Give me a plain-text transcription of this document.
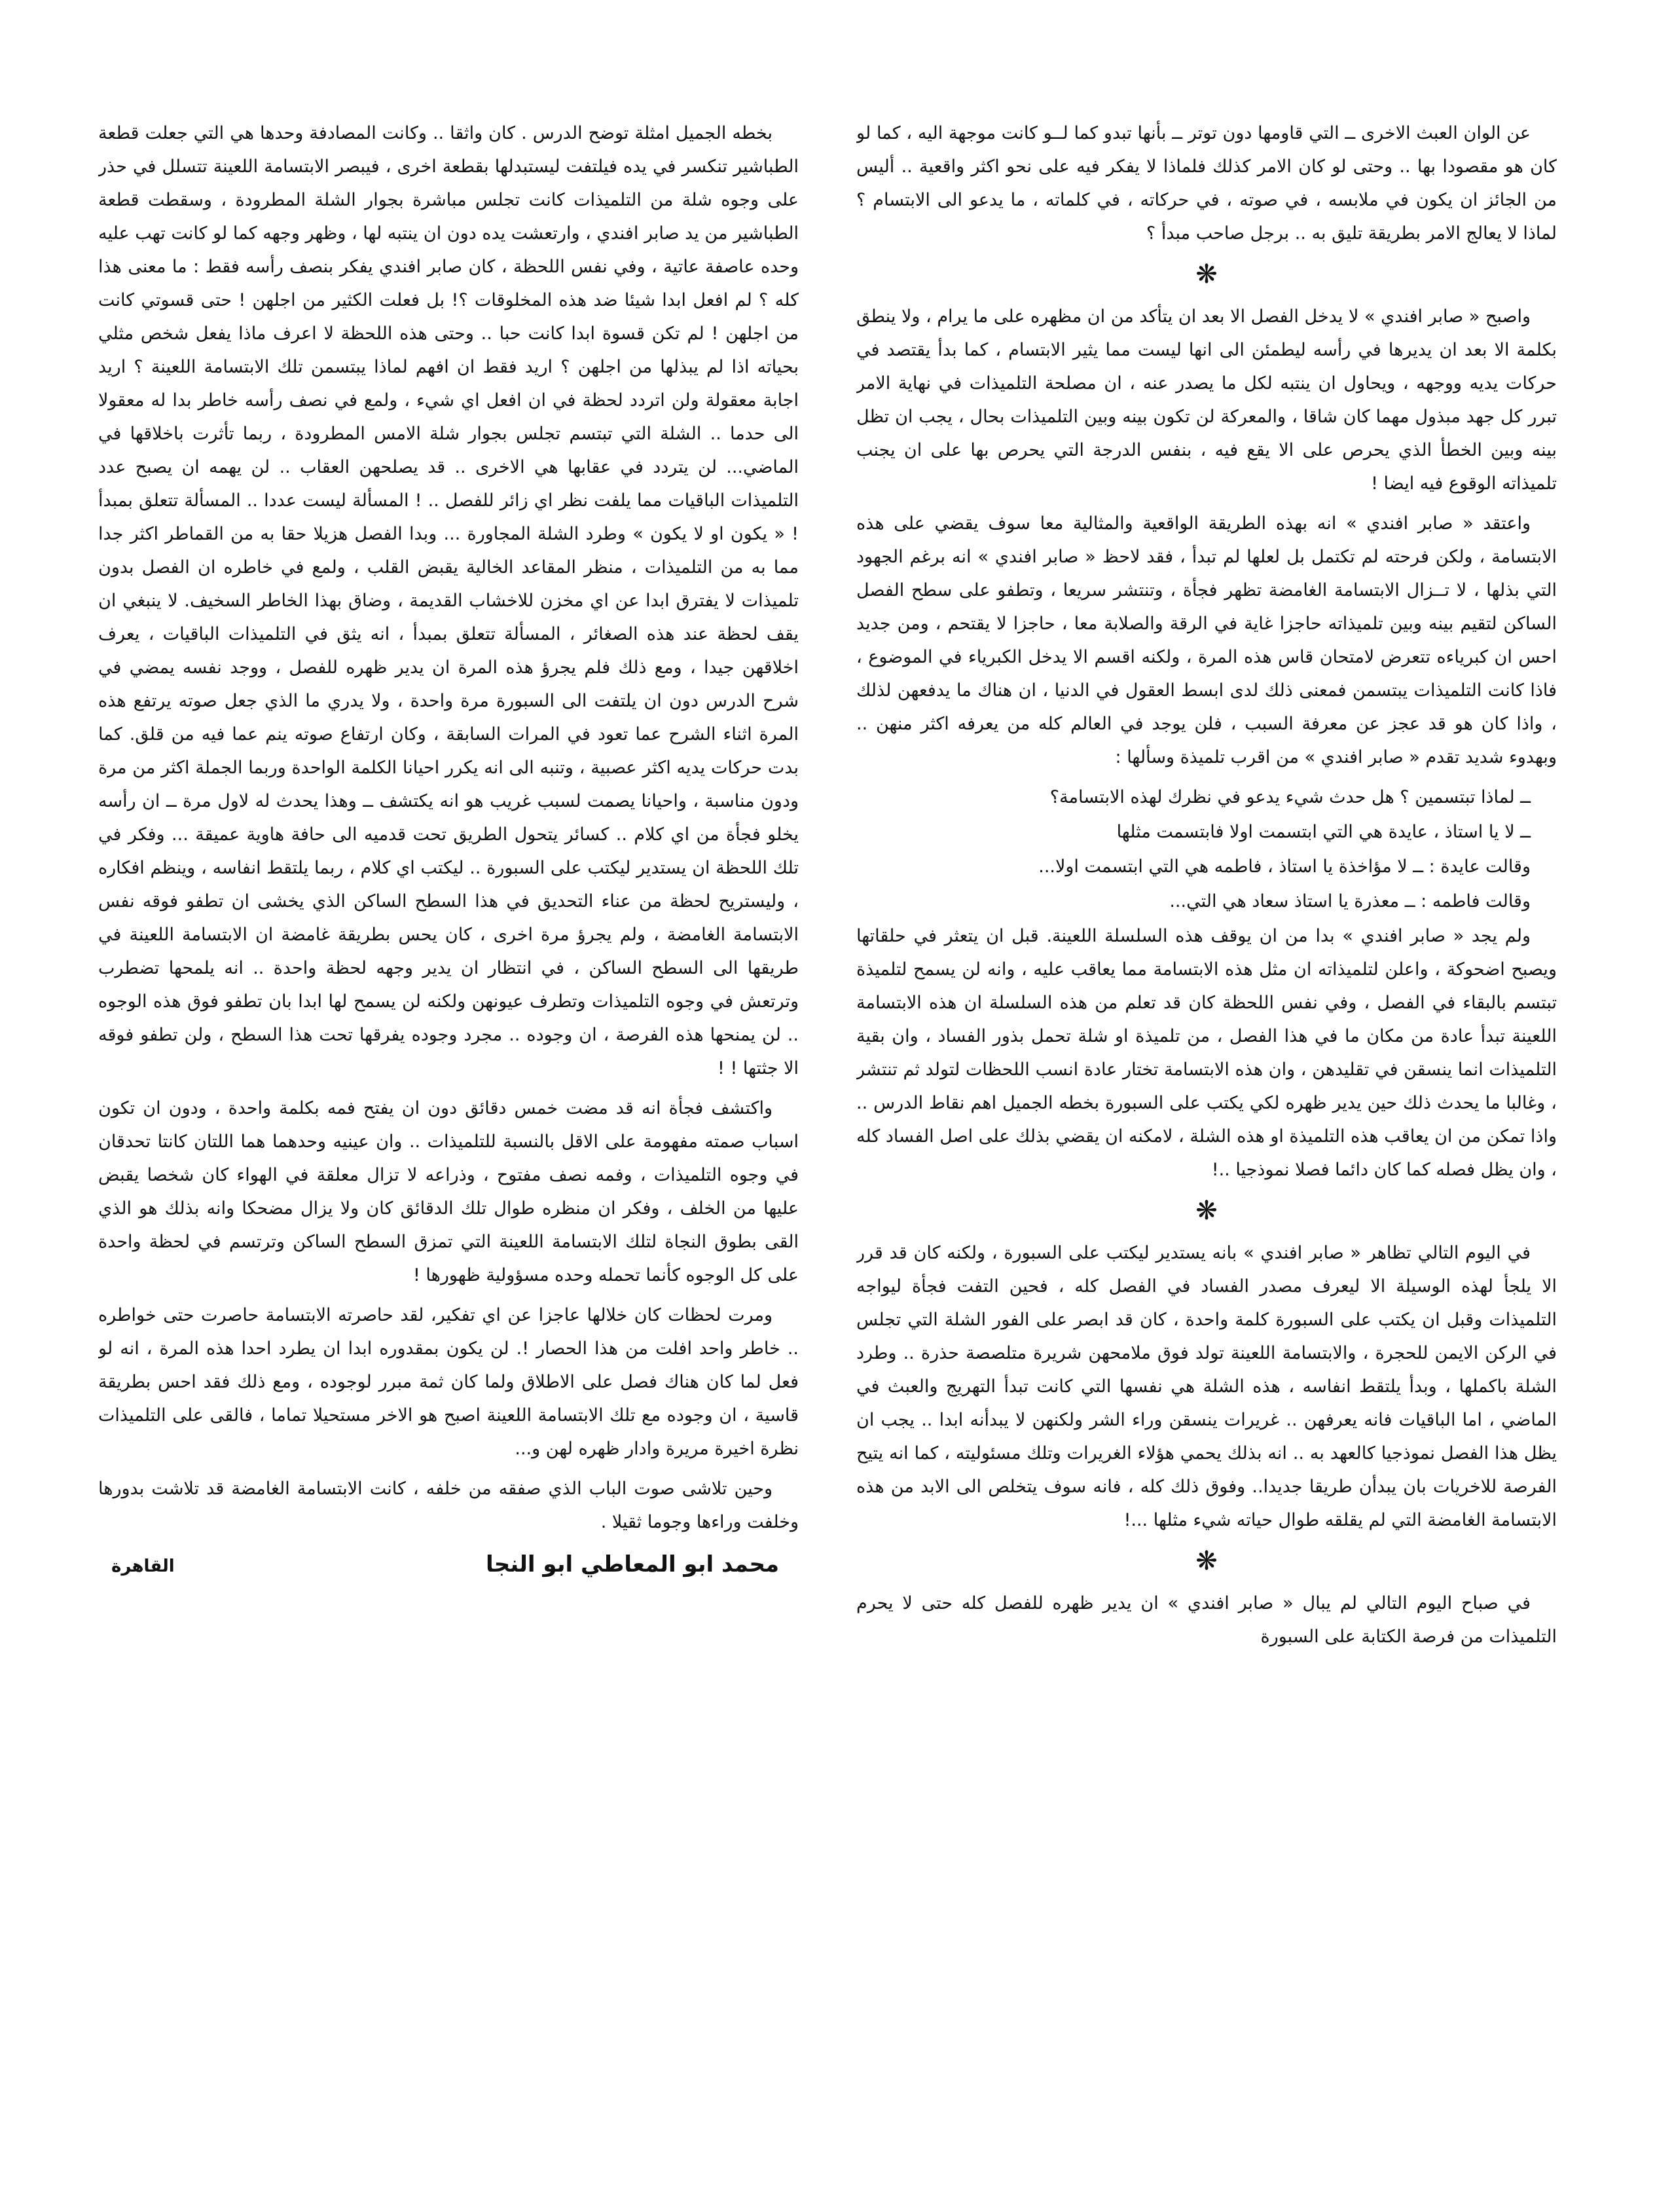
عن الوان العبث الاخرى ــ التي قاومها دون توتر ــ بأنها تبدو كما لــو كانت موجهة اليه ، كما لو كان هو مقصودا بها .. وحتى لو كان الامر كذلك فلماذا لا يفكر فيه على نحو اكثر واقعية .. أليس من الجائز ان يكون في ملابسه ، في صوته ، في حركاته ، في كلماته ، ما يدعو الى الابتسام ؟ لماذا لا يعالج الامر بطريقة تليق به .. برجل صاحب مبدأ ؟

❋

واصبح « صابر افندي » لا يدخل الفصل الا بعد ان يتأكد من ان مظهره على ما يرام ، ولا ينطق بكلمة الا بعد ان يديرها في رأسه ليطمئن الى انها ليست مما يثير الابتسام ، كما بدأ يقتصد في حركات يديه ووجهه ، ويحاول ان ينتبه لكل ما يصدر عنه ، ان مصلحة التلميذات في نهاية الامر تبرر كل جهد مبذول مهما كان شاقا ، والمعركة لن تكون بينه وبين التلميذات بحال ، يجب ان تظل بينه وبين الخطأ الذي يحرص على الا يقع فيه ، بنفس الدرجة التي يحرص بها على ان يجنب تلميذاته الوقوع فيه ايضا !

واعتقد « صابر افندي » انه بهذه الطريقة الواقعية والمثالية معا سوف يقضي على هذه الابتسامة ، ولكن فرحته لم تكتمل بل لعلها لم تبدأ ، فقد لاحظ « صابر افندي » انه برغم الجهود التي بذلها ، لا تــزال الابتسامة الغامضة تظهر فجأة ، وتنتشر سريعا ، وتطفو على سطح الفصل الساكن لتقيم بينه وبين تلميذاته حاجزا غاية في الرقة والصلابة معا ، حاجزا لا يقتحم ، ومن جديد احس ان كبرياءه تتعرض لامتحان قاس هذه المرة ، ولكنه اقسم الا يدخل الكبرياء في الموضوع ، فاذا كانت التلميذات يبتسمن فمعنى ذلك لدى ابسط العقول في الدنيا ، ان هناك ما يدفعهن لذلك ، واذا كان هو قد عجز عن معرفة السبب ، فلن يوجد في العالم كله من يعرفه اكثر منهن .. وبهدوء شديد تقدم « صابر افندي » من اقرب تلميذة وسألها :

ــ لماذا تبتسمين ؟ هل حدث شيء يدعو في نظرك لهذه الابتسامة؟

ــ لا يا استاذ ، عايدة هي التي ابتسمت اولا فابتسمت مثلها

وقالت عايدة : ــ لا مؤاخذة يا استاذ ، فاطمه هي التي ابتسمت اولا...

وقالت فاطمه : ــ معذرة يا استاذ سعاد هي التي...

ولم يجد « صابر افندي » بدا من ان يوقف هذه السلسلة اللعينة. قبل ان يتعثر في حلقاتها ويصبح اضحوكة ، واعلن لتلميذاته ان مثل هذه الابتسامة مما يعاقب عليه ، وانه لن يسمح لتلميذة تبتسم بالبقاء في الفصل ، وفي نفس اللحظة كان قد تعلم من هذه السلسلة ان هذه الابتسامة اللعينة تبدأ عادة من مكان ما في هذا الفصل ، من تلميذة او شلة تحمل بذور الفساد ، وان بقية التلميذات انما ينسقن في تقليدهن ، وان هذه الابتسامة تختار عادة انسب اللحظات لتولد ثم تنتشر ، وغالبا ما يحدث ذلك حين يدير ظهره لكي يكتب على السبورة بخطه الجميل اهم نقاط الدرس .. واذا تمكن من ان يعاقب هذه التلميذة او هذه الشلة ، لامكنه ان يقضي بذلك على اصل الفساد كله ، وان يظل فصله كما كان دائما فصلا نموذجيا ..!

❋

في اليوم التالي تظاهر « صابر افندي » بانه يستدير ليكتب على السبورة ، ولكنه كان قد قرر الا يلجأ لهذه الوسيلة الا ليعرف مصدر الفساد في الفصل كله ، فحين التفت فجأة ليواجه التلميذات وقبل ان يكتب على السبورة كلمة واحدة ، كان قد ابصر على الفور الشلة التي تجلس في الركن الايمن للحجرة ، والابتسامة اللعينة تولد فوق ملامحهن شريرة متلصصة حذرة .. وطرد الشلة باكملها ، وبدأ يلتقط انفاسه ، هذه الشلة هي نفسها التي كانت تبدأ التهريج والعبث في الماضي ، اما الباقيات فانه يعرفهن .. غريرات ينسقن وراء الشر ولكنهن لا يبدأنه ابدا .. يجب ان يظل هذا الفصل نموذجيا كالعهد به .. انه بذلك يحمي هؤلاء الغريرات وتلك مسئوليته ، كما انه يتيح الفرصة للاخريات بان يبدأن طريقا جديدا.. وفوق ذلك كله ، فانه سوف يتخلص الى الابد من هذه الابتسامة الغامضة التي لم يقلقه طوال حياته شيء مثلها ...!

❋

في صباح اليوم التالي لم يبال « صابر افندي » ان يدير ظهره للفصل كله حتى لا يحرم التلميذات من فرصة الكتابة على السبورة

بخطه الجميل امثلة توضح الدرس . كان واثقا .. وكانت المصادفة وحدها هي التي جعلت قطعة الطباشير تنكسر في يده فيلتفت ليستبدلها بقطعة اخرى ، فيبصر الابتسامة اللعينة تتسلل في حذر على وجوه شلة من التلميذات كانت تجلس مباشرة بجوار الشلة المطرودة ، وسقطت قطعة الطباشير من يد صابر افندي ، وارتعشت يده دون ان ينتبه لها ، وظهر وجهه كما لو كانت تهب عليه وحده عاصفة عاتية ، وفي نفس اللحظة ، كان صابر افندي يفكر بنصف رأسه فقط : ما معنى هذا كله ؟ لم افعل ابدا شيئا ضد هذه المخلوقات ؟! بل فعلت الكثير من اجلهن ! حتى قسوتي كانت من اجلهن ! لم تكن قسوة ابدا كانت حبا .. وحتى هذه اللحظة لا اعرف ماذا يفعل شخص مثلي بحياته اذا لم يبذلها من اجلهن ؟ اريد فقط ان افهم لماذا يبتسمن تلك الابتسامة اللعينة ؟ اريد اجابة معقولة ولن اتردد لحظة في ان افعل اي شيء ، ولمع في نصف رأسه خاطر بدا له معقولا الى حدما .. الشلة التي تبتسم تجلس بجوار شلة الامس المطرودة ، ربما تأثرت باخلاقها في الماضي... لن يتردد في عقابها هي الاخرى .. قد يصلحهن العقاب .. لن يهمه ان يصبح عدد التلميذات الباقيات مما يلفت نظر اي زائر للفصل .. ! المسألة ليست عددا .. المسألة تتعلق بمبدأ ! « يكون او لا يكون » وطرد الشلة المجاورة ... وبدا الفصل هزيلا حقا به من القماطر اكثر جدا مما به من التلميذات ، منظر المقاعد الخالية يقبض القلب ، ولمع في خاطره ان الفصل بدون تلميذات لا يفترق ابدا عن اي مخزن للاخشاب القديمة ، وضاق بهذا الخاطر السخيف. لا ينبغي ان يقف لحظة عند هذه الصغائر ، المسألة تتعلق بمبدأ ، انه يثق في التلميذات الباقيات ، يعرف اخلاقهن جيدا ، ومع ذلك فلم يجرؤ هذه المرة ان يدير ظهره للفصل ، ووجد نفسه يمضي في شرح الدرس دون ان يلتفت الى السبورة مرة واحدة ، ولا يدري ما الذي جعل صوته يرتفع هذه المرة اثناء الشرح عما تعود في المرات السابقة ، وكان ارتفاع صوته ينم عما فيه من قلق. كما بدت حركات يديه اكثر عصبية ، وتنبه الى انه يكرر احيانا الكلمة الواحدة وربما الجملة اكثر من مرة ودون مناسبة ، واحيانا يصمت لسبب غريب هو انه يكتشف ــ وهذا يحدث له لاول مرة ــ ان رأسه يخلو فجأة من اي كلام .. كسائر يتحول الطريق تحت قدميه الى حافة هاوية عميقة ... وفكر في تلك اللحظة ان يستدير ليكتب على السبورة .. ليكتب اي كلام ، ربما يلتقط انفاسه ، وينظم افكاره ، وليستريح لحظة من عناء التحديق في هذا السطح الساكن الذي يخشى ان تطفو فوقه نفس الابتسامة الغامضة ، ولم يجرؤ مرة اخرى ، كان يحس بطريقة غامضة ان الابتسامة اللعينة في طريقها الى السطح الساكن ، في انتظار ان يدير وجهه لحظة واحدة .. انه يلمحها تضطرب وترتعش في وجوه التلميذات وتطرف عيونهن ولكنه لن يسمح لها ابدا بان تطفو فوق هذه الوجوه .. لن يمنحها هذه الفرصة ، ان وجوده .. مجرد وجوده يفرقها تحت هذا السطح ، ولن تطفو فوقه الا جثتها ! !

واكتشف فجأة انه قد مضت خمس دقائق دون ان يفتح فمه بكلمة واحدة ، ودون ان تكون اسباب صمته مفهومة على الاقل بالنسبة للتلميذات .. وان عينيه وحدهما هما اللتان كانتا تحدقان في وجوه التلميذات ، وفمه نصف مفتوح ، وذراعه لا تزال معلقة في الهواء كان شخصا يقبض عليها من الخلف ، وفكر ان منظره طوال تلك الدقائق كان ولا يزال مضحكا وانه بذلك هو الذي القى بطوق النجاة لتلك الابتسامة اللعينة التي تمزق السطح الساكن وترتسم في لحظة واحدة على كل الوجوه كأنما تحمله وحده مسؤولية ظهورها !

ومرت لحظات كان خلالها عاجزا عن اي تفكير، لقد حاصرته الابتسامة حاصرت حتى خواطره .. خاطر واحد افلت من هذا الحصار !. لن يكون بمقدوره ابدا ان يطرد احدا هذه المرة ، انه لو فعل لما كان هناك فصل على الاطلاق ولما كان ثمة مبرر لوجوده ، ومع ذلك فقد احس بطريقة قاسية ، ان وجوده مع تلك الابتسامة اللعينة اصبح هو الاخر مستحيلا تماما ، فالقى على التلميذات نظرة اخيرة مريرة وادار ظهره لهن و...

وحين تلاشى صوت الباب الذي صفقه من خلفه ، كانت الابتسامة الغامضة قد تلاشت بدورها وخلفت وراءها وجوما ثقيلا .

محمد ابو المعاطي ابو النجا
القاهرة
